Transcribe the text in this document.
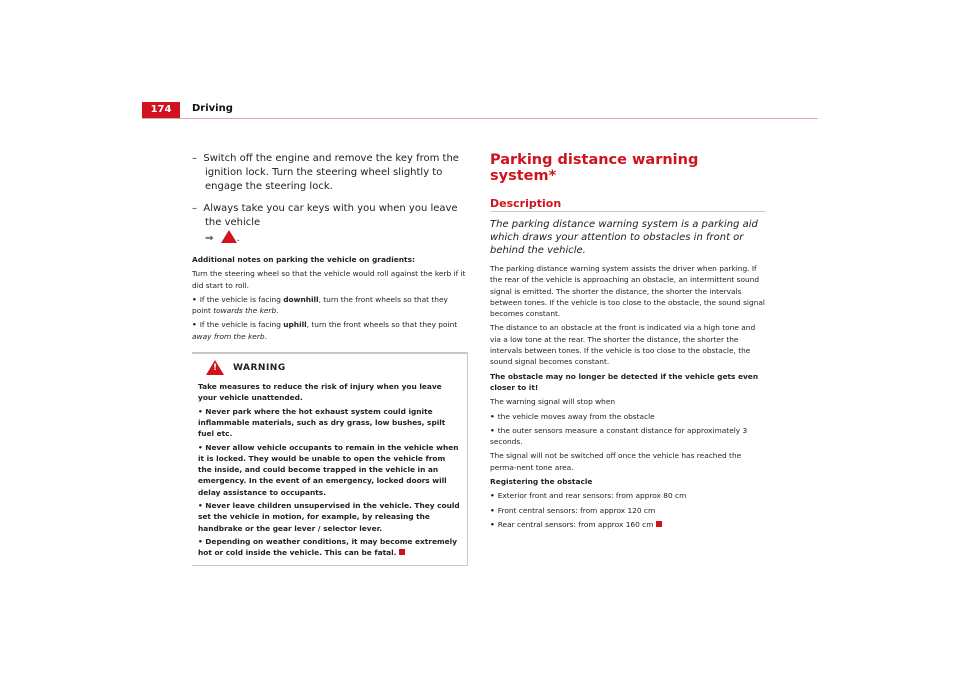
174	Driving

–  Switch off the engine and remove the key from the ignition lock. Turn the steering wheel slightly to engage the steering lock.

–  Always take you car keys with you when you leave the vehicle
⇒ ! .

Additional notes on parking the vehicle on gradients:

Turn the steering wheel so that the vehicle would roll against the kerb if it did start to roll.

• If the vehicle is facing downhill, turn the front wheels so that they point towards the kerb.

• If the vehicle is facing uphill, turn the front wheels so that they point away from the kerb.

!
WARNING

Take measures to reduce the risk of injury when you leave your vehicle unattended.

• Never park where the hot exhaust system could ignite inflammable materials, such as dry grass, low bushes, spilt fuel etc.

• Never allow vehicle occupants to remain in the vehicle when it is locked. They would be unable to open the vehicle from the inside, and could become trapped in the vehicle in an emergency. In the event of an emergency, locked doors will delay assistance to occupants.

• Never leave children unsupervised in the vehicle. They could set the vehicle in motion, for example, by releasing the handbrake or the gear lever / selector lever.

• Depending on weather conditions, it may become extremely hot or cold inside the vehicle. This can be fatal.

Parking distance warning system*
Description

The parking distance warning system is a parking aid which draws your attention to obstacles in front or behind the vehicle.

The parking distance warning system assists the driver when parking. If the rear of the vehicle is approaching an obstacle, an intermittent sound signal is emitted. The shorter the distance, the shorter the intervals between tones. If the vehicle is too close to the obstacle, the sound signal becomes constant.

The distance to an obstacle at the front is indicated via a high tone and via a low tone at the rear. The shorter the distance, the shorter the intervals between tones. If the vehicle is too close to the obstacle, the sound signal becomes constant.

The obstacle may no longer be detected if the vehicle gets even closer to it!

The warning signal will stop when

• the vehicle moves away from the obstacle

• the outer sensors measure a constant distance for approximately 3 seconds.

The signal will not be switched off once the vehicle has reached the perma-nent tone area.

Registering the obstacle

• Exterior front and rear sensors: from approx 80 cm

• Front central sensors: from approx 120 cm

• Rear central sensors: from approx 160 cm
